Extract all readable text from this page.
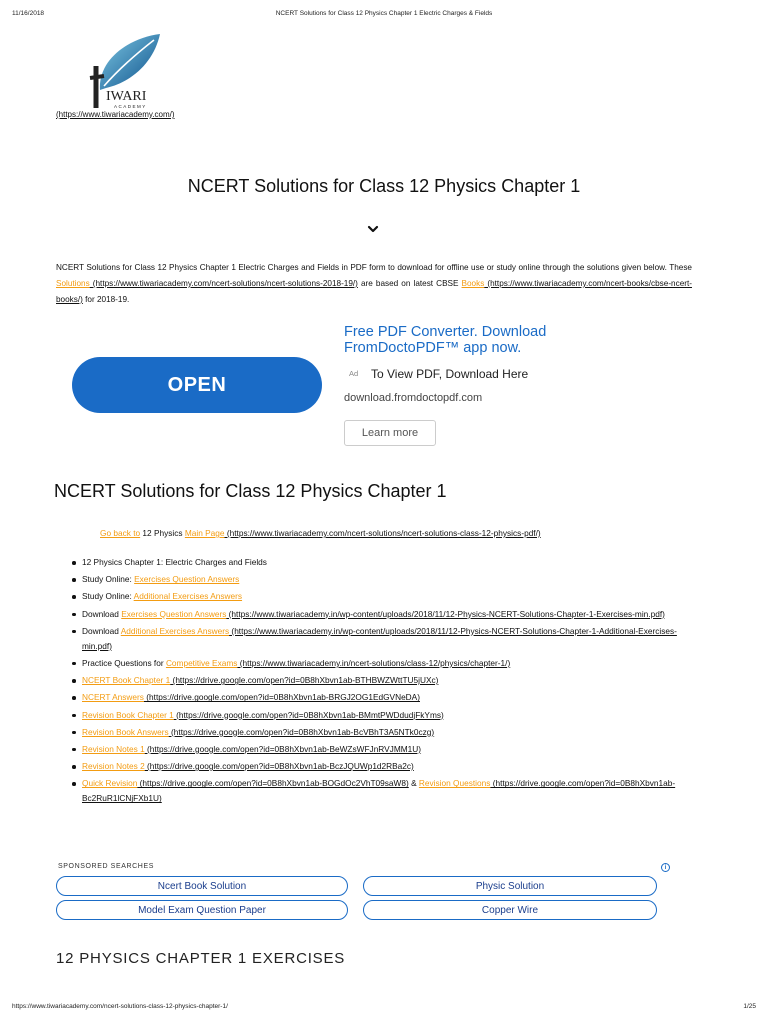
11/16/2018	NCERT Solutions for Class 12 Physics Chapter 1 Electric Charges & Fields
IWARI
ACADEMY
(https://www.tiwariacademy.com/)
NCERT Solutions for Class 12 Physics Chapter 1

NCERT Solutions for Class 12 Physics Chapter 1 Electric Charges and Fields in PDF form to download for offline use or study online through the solutions given below. These Solutions (https://www.tiwariacademy.com/ncert-solutions/ncert-solutions-2018-19/) are based on latest CBSE Books (https://www.tiwariacademy.com/ncert-books/cbse-ncert-books/) for 2018-19.

OPEN
Free PDF Converter. Download FromDoctoPDF™ app now.
Ad To View PDF, Download Here
download.fromdoctopdf.com
Learn more
NCERT Solutions for Class 12 Physics Chapter 1
Go back to 12 Physics Main Page (https://www.tiwariacademy.com/ncert-solutions/ncert-solutions-class-12-physics-pdf/)
12 Physics Chapter 1: Electric Charges and Fields
Study Online: Exercises Question Answers
Study Online: Additional Exercises Answers
Download Exercises Question Answers (https://www.tiwariacademy.in/wp-content/uploads/2018/11/12-Physics-NCERT-Solutions-Chapter-1-Exercises-min.pdf)
Download Additional Exercises Answers (https://www.tiwariacademy.in/wp-content/uploads/2018/11/12-Physics-NCERT-Solutions-Chapter-1-Additional-Exercises-min.pdf)
Practice Questions for Competitive Exams (https://www.tiwariacademy.in/ncert-solutions/class-12/physics/chapter-1/)
NCERT Book Chapter 1 (https://drive.google.com/open?id=0B8hXbvn1ab-BTHBWZWttTU5jUXc)
NCERT Answers (https://drive.google.com/open?id=0B8hXbvn1ab-BRGJ2OG1EdGVNeDA)
Revision Book Chapter 1 (https://drive.google.com/open?id=0B8hXbvn1ab-BMmtPWDdudjFkYms)
Revision Book Answers (https://drive.google.com/open?id=0B8hXbvn1ab-BcVBhT3A5NTk0czg)
Revision Notes 1 (https://drive.google.com/open?id=0B8hXbvn1ab-BeWZsWFJnRVJMM1U)
Revision Notes 2 (https://drive.google.com/open?id=0B8hXbvn1ab-BczJQUWp1d2RBa2c)
Quick Revision (https://drive.google.com/open?id=0B8hXbvn1ab-BOGdOc2VhT09saW8) & Revision Questions (https://drive.google.com/open?id=0B8hXbvn1ab-Bc2RuR1lCNjFXb1U)
SPONSORED SEARCHES	i
Ncert Book Solution	Physic Solution
Model Exam Question Paper	Copper Wire
12 PHYSICS CHAPTER 1 EXERCISES
https://www.tiwariacademy.com/ncert-solutions-class-12-physics-chapter-1/	1/25
